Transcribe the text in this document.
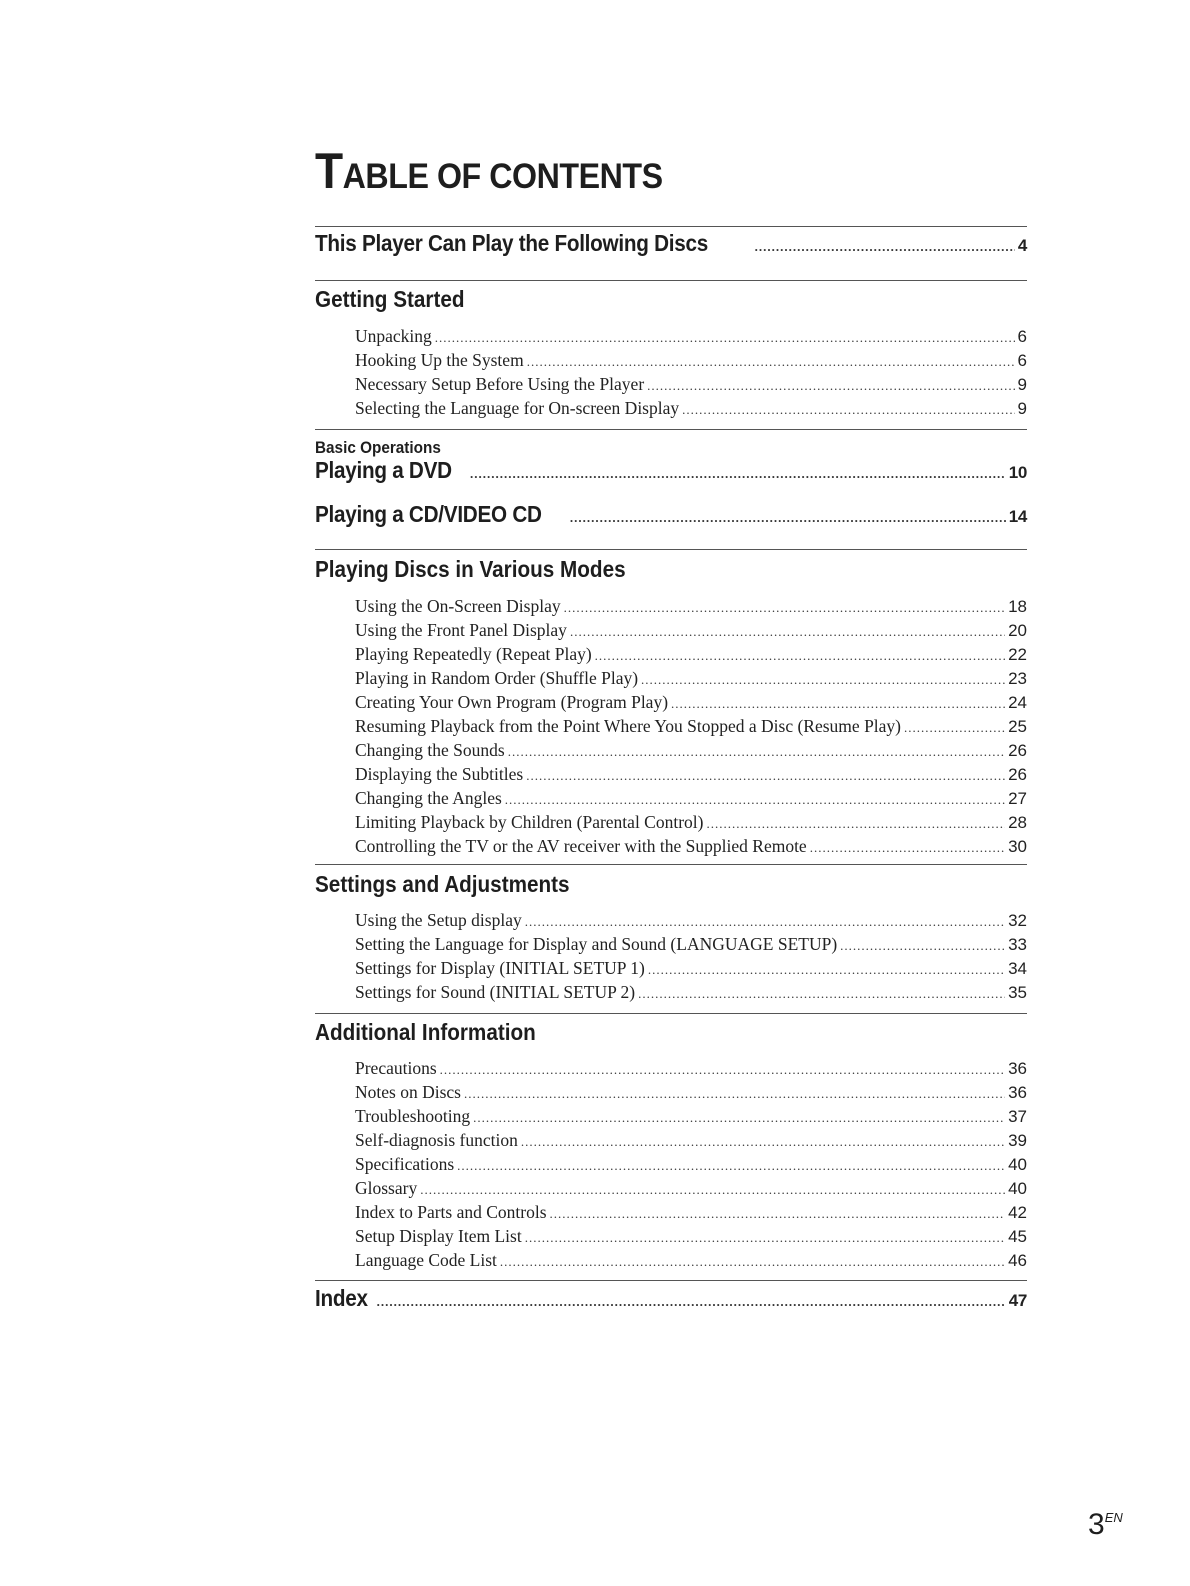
TABLE OF CONTENTS
This Player Can Play the Following Discs .....	4
Getting Started
Unpacking .....	6
Hooking Up the System .....	6
Necessary Setup Before Using the Player .....	9
Selecting the Language for On-screen Display .....	9
Basic Operations
Playing a DVD .....	10
Playing a CD/VIDEO CD .....	14
Playing Discs in Various Modes
Using the On-Screen Display .....	18
Using the Front Panel Display .....	20
Playing Repeatedly (Repeat Play) .....	22
Playing in Random Order (Shuffle Play) .....	23
Creating Your Own Program (Program Play) .....	24
Resuming Playback from the Point Where You Stopped a Disc (Resume Play) .....	25
Changing the Sounds .....	26
Displaying the Subtitles .....	26
Changing the Angles .....	27
Limiting Playback by Children (Parental Control) .....	28
Controlling the TV or the AV receiver with the Supplied Remote .....	30
Settings and Adjustments
Using the Setup display .....	32
Setting the Language for Display and Sound (LANGUAGE SETUP) .....	33
Settings for Display (INITIAL SETUP 1) .....	34
Settings for Sound (INITIAL SETUP 2) .....	35
Additional Information
Precautions .....	36
Notes on Discs .....	36
Troubleshooting .....	37
Self-diagnosis function .....	39
Specifications .....	40
Glossary .....	40
Index to Parts and Controls .....	42
Setup Display Item List .....	45
Language Code List .....	46
Index .....	47
$3^{EN}$
